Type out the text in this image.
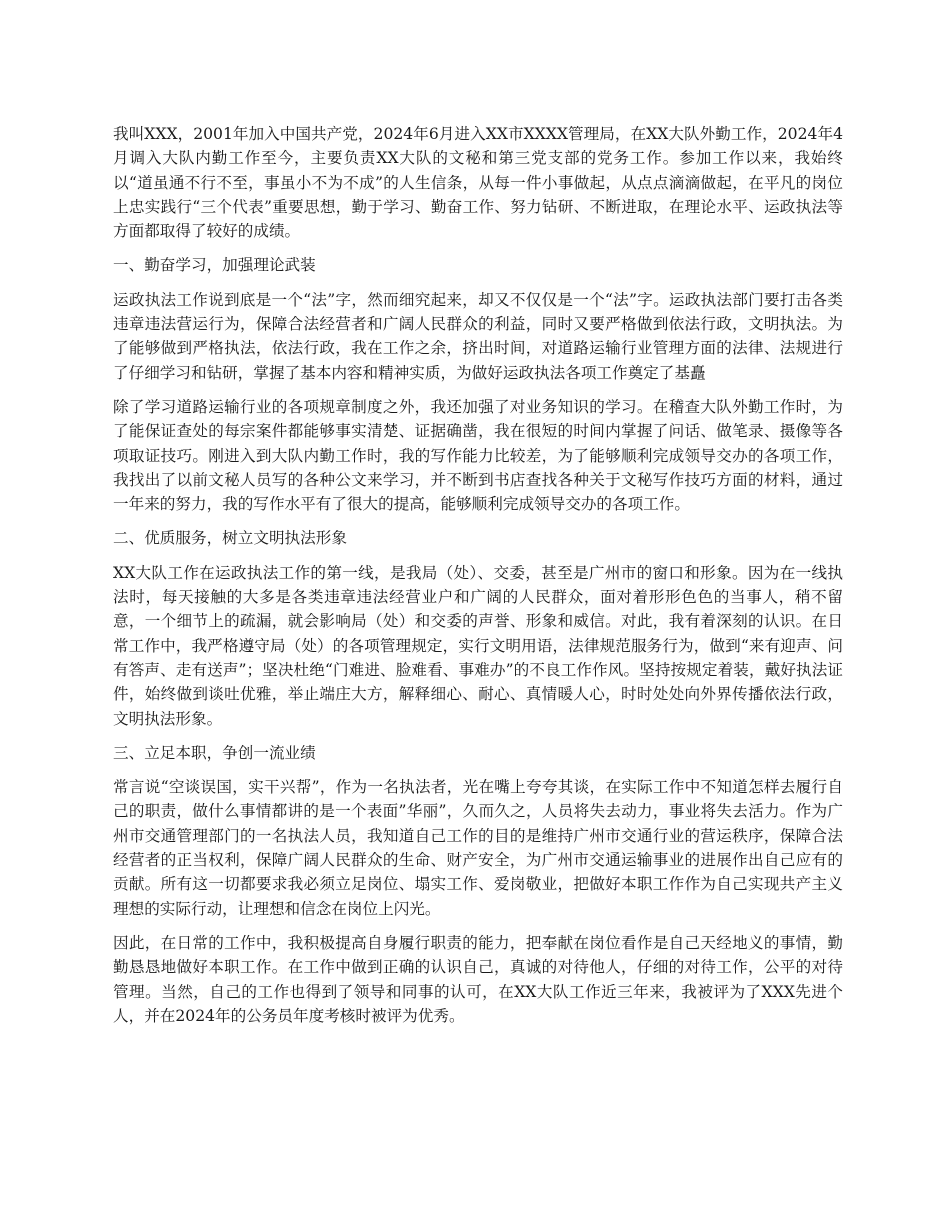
我叫XXX，2001年加入中国共产党，2024年6月进入XX市XXXX管理局，在XX大队外勤工作，2024年4月调入大队内勤工作至今，主要负责XX大队的文秘和第三党支部的党务工作。参加工作以来，我始终以“道虽通不行不至，事虽小不为不成”的人生信条，从每一件小事做起，从点点滴滴做起，在平凡的岗位上忠实践行“三个代表”重要思想，勤于学习、勤奋工作、努力钻研、不断进取，在理论水平、运政执法等方面都取得了较好的成绩。

一、勤奋学习，加强理论武装

运政执法工作说到底是一个“法”字，然而细究起来，却又不仅仅是一个“法”字。运政执法部门要打击各类违章违法营运行为，保障合法经营者和广阔人民群众的利益，同时又要严格做到依法行政，文明执法。为了能够做到严格执法，依法行政，我在工作之余，挤出时间，对道路运输行业管理方面的法律、法规进行了仔细学习和钻研，掌握了基本内容和精神实质，为做好运政执法各项工作奠定了基矗

除了学习道路运输行业的各项规章制度之外，我还加强了对业务知识的学习。在稽查大队外勤工作时，为了能保证查处的每宗案件都能够事实清楚、证据确凿，我在很短的时间内掌握了问话、做笔录、摄像等各项取证技巧。刚进入到大队内勤工作时，我的写作能力比较差，为了能够顺利完成领导交办的各项工作，我找出了以前文秘人员写的各种公文来学习，并不断到书店查找各种关于文秘写作技巧方面的材料，通过一年来的努力，我的写作水平有了很大的提高，能够顺利完成领导交办的各项工作。

二、优质服务，树立文明执法形象

XX大队工作在运政执法工作的第一线，是我局（处）、交委，甚至是广州市的窗口和形象。因为在一线执法时，每天接触的大多是各类违章违法经营业户和广阔的人民群众，面对着形形色色的当事人，稍不留意，一个细节上的疏漏，就会影响局（处）和交委的声誉、形象和威信。对此，我有着深刻的认识。在日常工作中，我严格遵守局（处）的各项管理规定，实行文明用语，法律规范服务行为，做到“来有迎声、问有答声、走有送声”；坚决杜绝“门难进、脸难看、事难办”的不良工作作风。坚持按规定着装，戴好执法证件，始终做到谈吐优雅，举止端庄大方，解释细心、耐心、真情暖人心，时时处处向外界传播依法行政，文明执法形象。

三、立足本职，争创一流业绩

常言说“空谈误国，实干兴帮”，作为一名执法者，光在嘴上夸夸其谈，在实际工作中不知道怎样去履行自己的职责，做什么事情都讲的是一个表面”华丽”，久而久之，人员将失去动力，事业将失去活力。作为广州市交通管理部门的一名执法人员，我知道自己工作的目的是维持广州市交通行业的营运秩序，保障合法经营者的正当权利，保障广阔人民群众的生命、财产安全，为广州市交通运输事业的进展作出自己应有的贡献。所有这一切都要求我必须立足岗位、塌实工作、爱岗敬业，把做好本职工作作为自己实现共产主义理想的实际行动，让理想和信念在岗位上闪光。

因此，在日常的工作中，我积极提高自身履行职责的能力，把奉献在岗位看作是自己天经地义的事情，勤勤恳恳地做好本职工作。在工作中做到正确的认识自己，真诚的对待他人，仔细的对待工作，公平的对待管理。当然，自己的工作也得到了领导和同事的认可，在XX大队工作近三年来，我被评为了XXX先进个人，并在2024年的公务员年度考核时被评为优秀。
